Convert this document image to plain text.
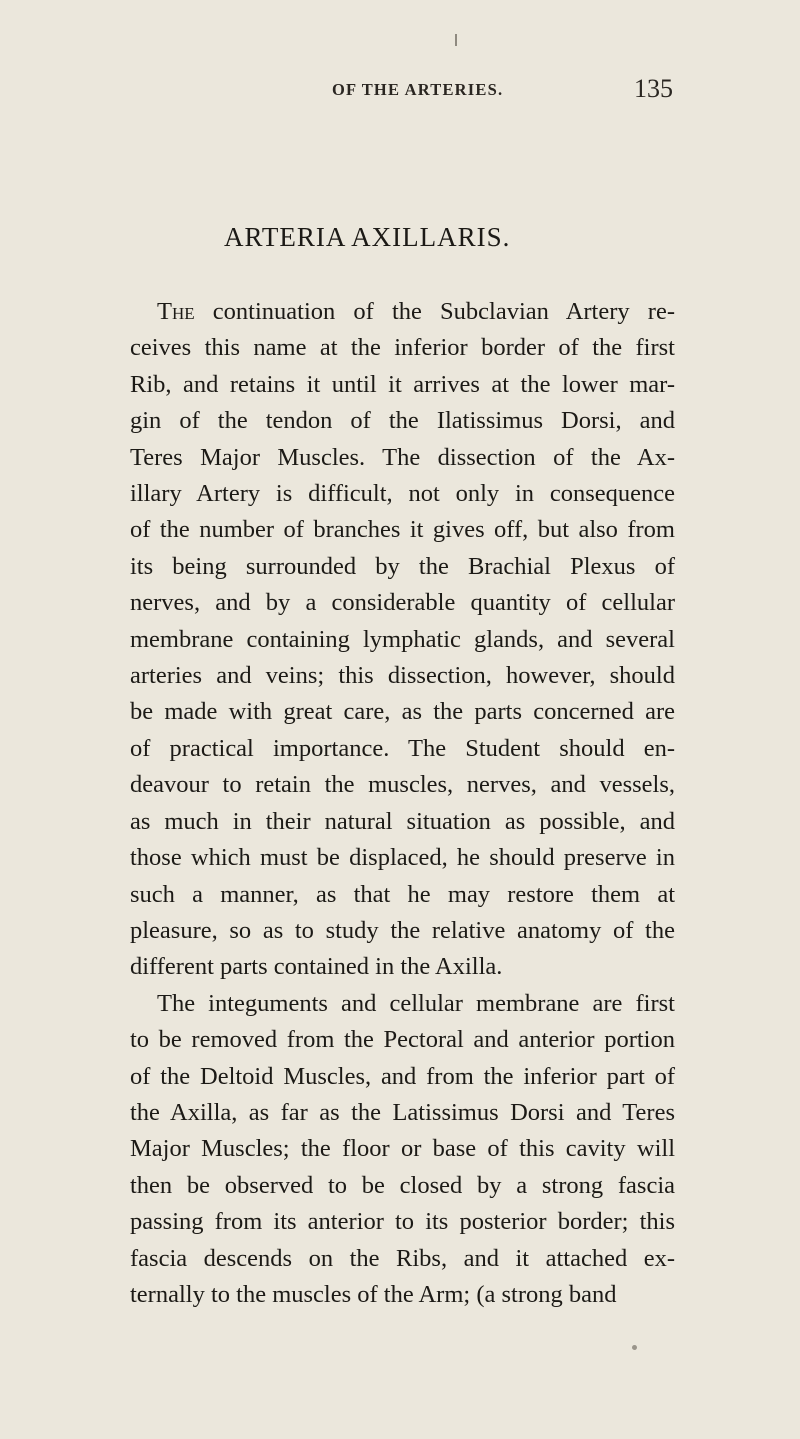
OF THE ARTERIES.	135
ARTERIA AXILLARIS.
The continuation of the Subclavian Artery re-
ceives this name at the inferior border of the first
Rib, and retains it until it arrives at the lower mar-
gin of the tendon of the Ilatissimus Dorsi, and
Teres Major Muscles. The dissection of the Ax-
illary Artery is difficult, not only in consequence
of the number of branches it gives off, but also from
its being surrounded by the Brachial Plexus of
nerves, and by a considerable quantity of cellular
membrane containing lymphatic glands, and several
arteries and veins; this dissection, however, should
be made with great care, as the parts concerned are
of practical importance. The Student should en-
deavour to retain the muscles, nerves, and vessels,
as much in their natural situation as possible, and
those which must be displaced, he should preserve in
such a manner, as that he may restore them at
pleasure, so as to study the relative anatomy of the
different parts contained in the Axilla.
The integuments and cellular membrane are first
to be removed from the Pectoral and anterior portion
of the Deltoid Muscles, and from the inferior part of
the Axilla, as far as the Latissimus Dorsi and Teres
Major Muscles; the floor or base of this cavity will
then be observed to be closed by a strong fascia
passing from its anterior to its posterior border; this
fascia descends on the Ribs, and it attached ex-
ternally to the muscles of the Arm; (a strong band
